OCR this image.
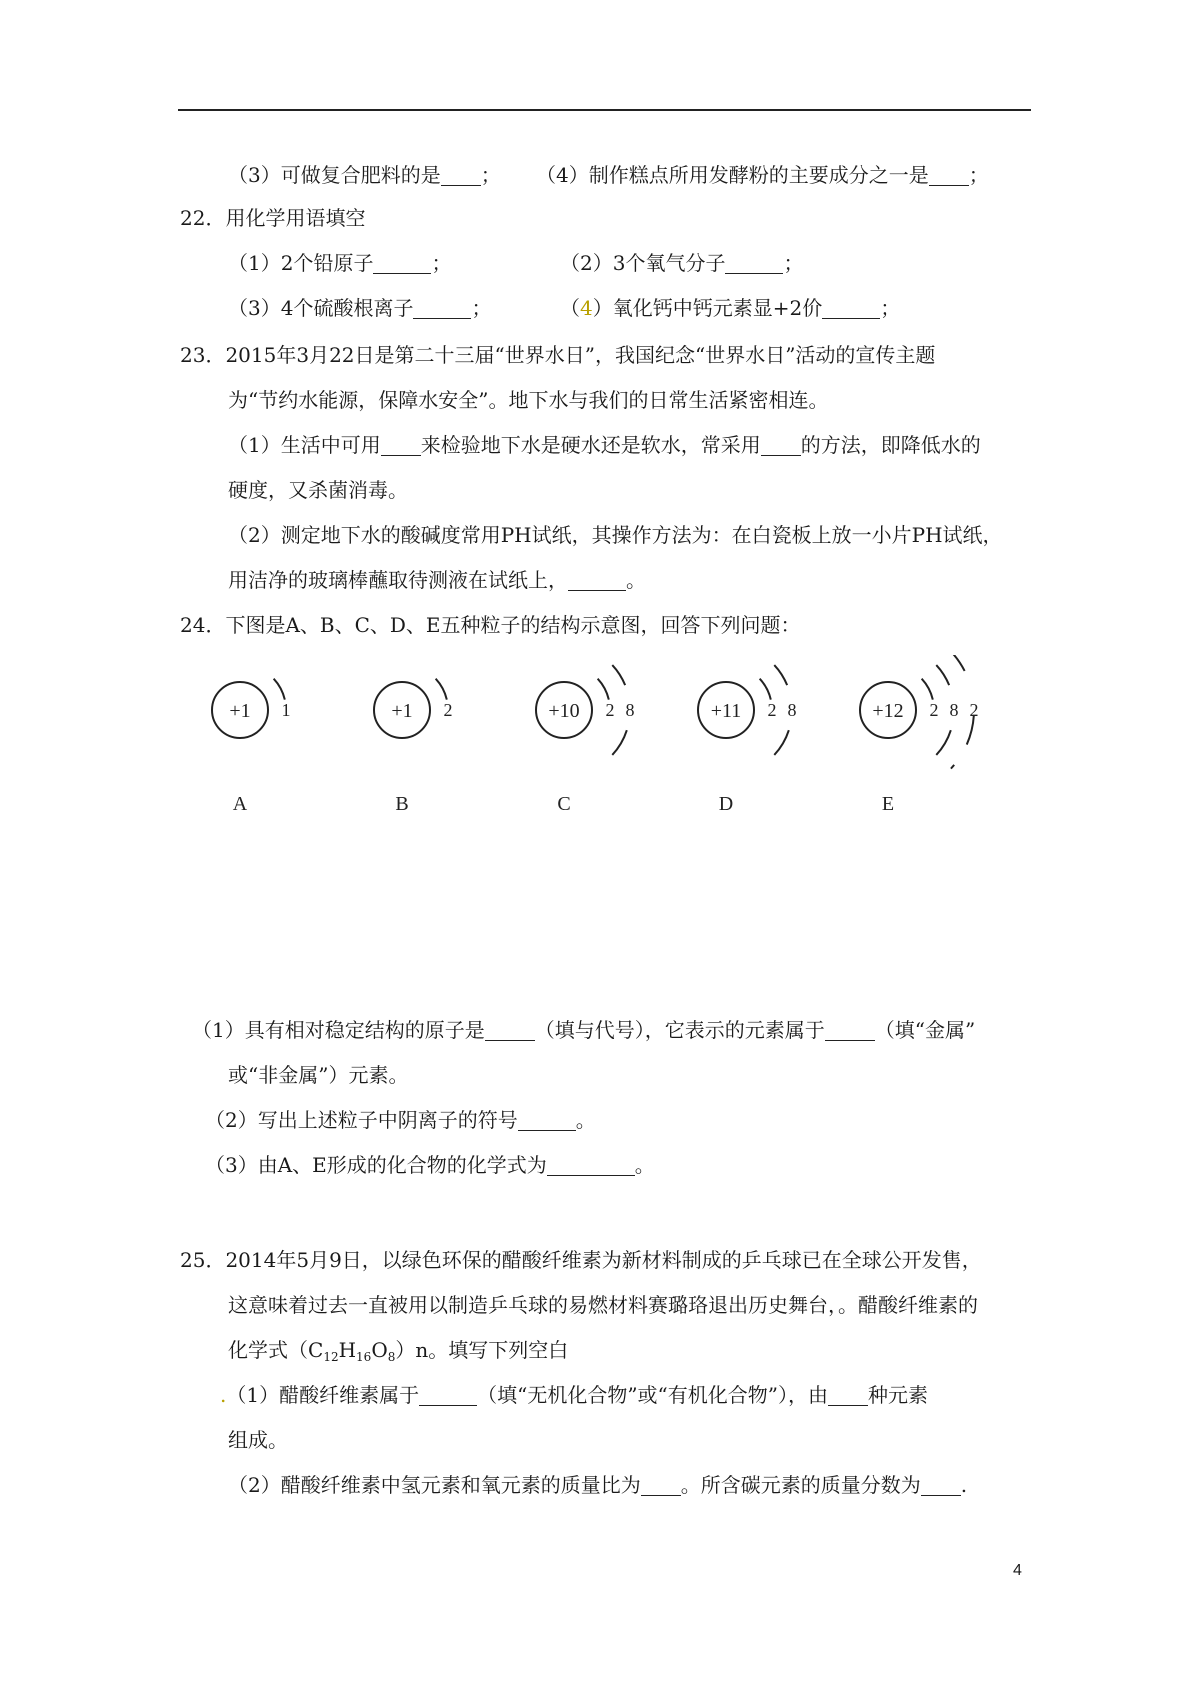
（3）可做复合肥料的是 ； （4）制作糕点所用发酵粉的主要成分之一是 ；
22．用化学用语填空
（1）2个铅原子	；	（2）3个氧气分子	；
（3）4个硫酸根离子	；	（4）氧化钙中钙元素显+2价	；
23．2015年3月22日是第二十三届“世界水日”，我国纪念“世界水日”活动的宣传主题
为“节约水能源，保障水安全”。地下水与我们的日常生活紧密相连。
（1）生活中可用 来检验地下水是硬水还是软水，常采用 的方法，即降低水的
硬度，又杀菌消毒。
（2）测定地下水的酸碱度常用PH试纸，其操作方法为：在白瓷板上放一小片PH试纸，
用洁净的玻璃棒蘸取待测液在试纸上，	。
24．下图是A、B、C、D、E五种粒子的结构示意图，回答下列问题：
+1 1
A
+1 2
B
+10 2 8
C
+11 2 8
D
+12 2 8 2
E
（1）具有相对稳定结构的原子是	（填与代号），它表示的元素属于	（填“金属”
或“非金属”）元素。
（2）写出上述粒子中阴离子的符号	。
（3）由A、E形成的化合物的化学式为	。
25．2014年5月9日，以绿色环保的醋酸纤维素为新材料制成的乒乓球已在全球公开发售，
这意味着过去一直被用以制造乒乓球的易燃材料赛璐珞退出历史舞台，。醋酸纤维素的
化学式$(C_{12}H_{16}O_8)n$。填写下列空白
.（1）醋酸纤维素属于	（填“无机化合物”或“有机化合物”），由 种元素
组成。
（2）醋酸纤维素中氢元素和氧元素的质量比为 。所含碳元素的质量分数为 .
4
